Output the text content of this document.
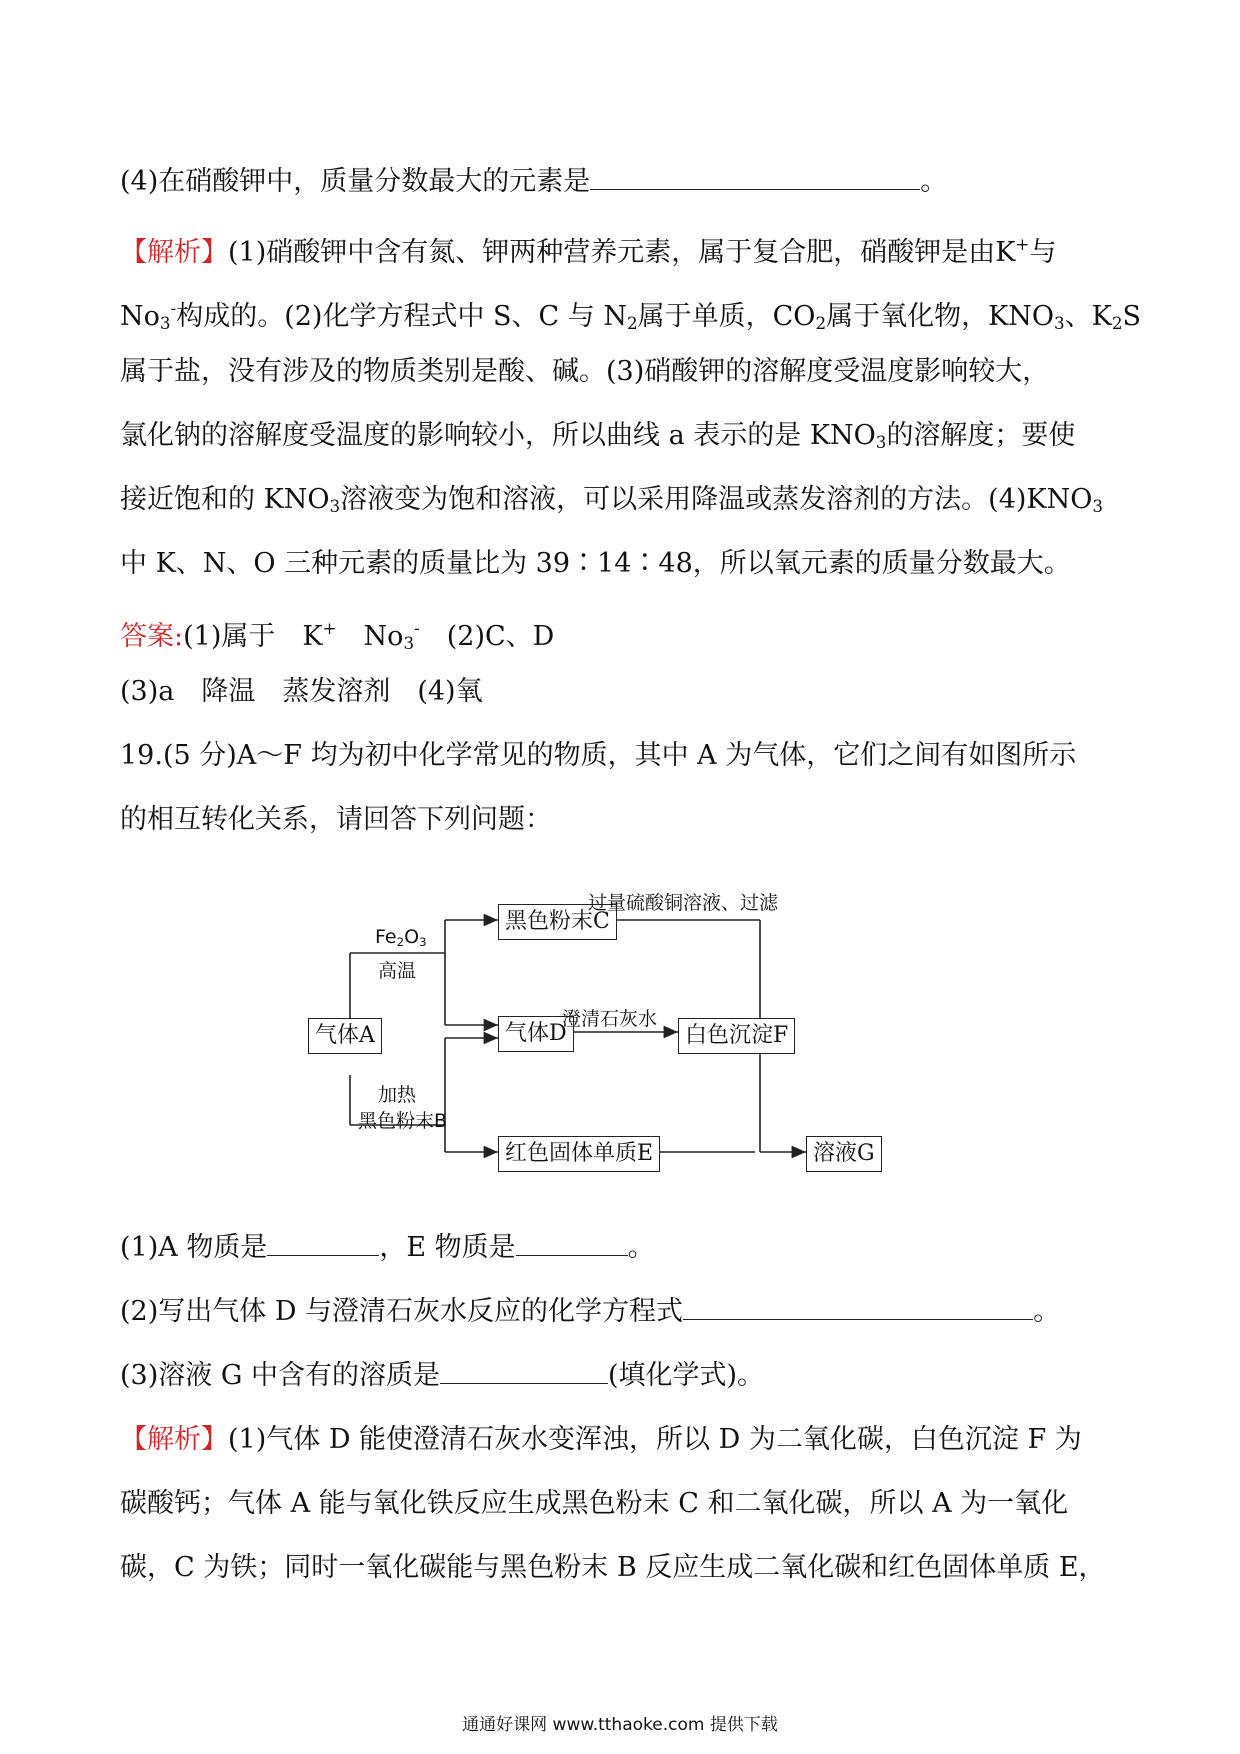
(4)在硝酸钾中，质量分数最大的元素是	。
【解析】(1)硝酸钾中含有氮、钾两种营养元素，属于复合肥，硝酸钾是由K+与
$No_3^-$构成的。(2)化学方程式中 S、C 与 $N_2$属于单质，$CO_2$属于氧化物，$KNO_3$、$K_2S$
属于盐，没有涉及的物质类别是酸、碱。(3)硝酸钾的溶解度受温度影响较大，
氯化钠的溶解度受温度的影响较小，所以曲线 a 表示的是 $KNO_3$的溶解度；要使
接近饱和的 $KNO_3$溶液变为饱和溶液，可以采用降温或蒸发溶剂的方法。$(4)KNO_3$
中 K、N、O 三种元素的质量比为 39∶14∶48，所以氧元素的质量分数最大。
答案:(1)属于　K+　$No_3^-$　(2)C、D
(3)a　降温　蒸发溶剂　(4)氧
19.(5 分)A～F 均为初中化学常见的物质，其中 A 为气体，它们之间有如图所示
的相互转化关系，请回答下列问题：
气体A
黑色粉末C
气体D	白色沉淀F
红色固体单质E	溶液G
$Fe_2O_3$
高温
加热
黑色粉末B
澄清石灰水
过量硫酸铜溶液、过滤
(1)A 物质是	，E 物质是	。
(2)写出气体 D 与澄清石灰水反应的化学方程式	。
(3)溶液 G 中含有的溶质是	(填化学式)。
【解析】(1)气体 D 能使澄清石灰水变浑浊，所以 D 为二氧化碳，白色沉淀 F 为
碳酸钙；气体 A 能与氧化铁反应生成黑色粉末 C 和二氧化碳，所以 A 为一氧化
碳，C 为铁；同时一氧化碳能与黑色粉末 B 反应生成二氧化碳和红色固体单质 E，
通通好课网 www.tthaoke.com 提供下载
